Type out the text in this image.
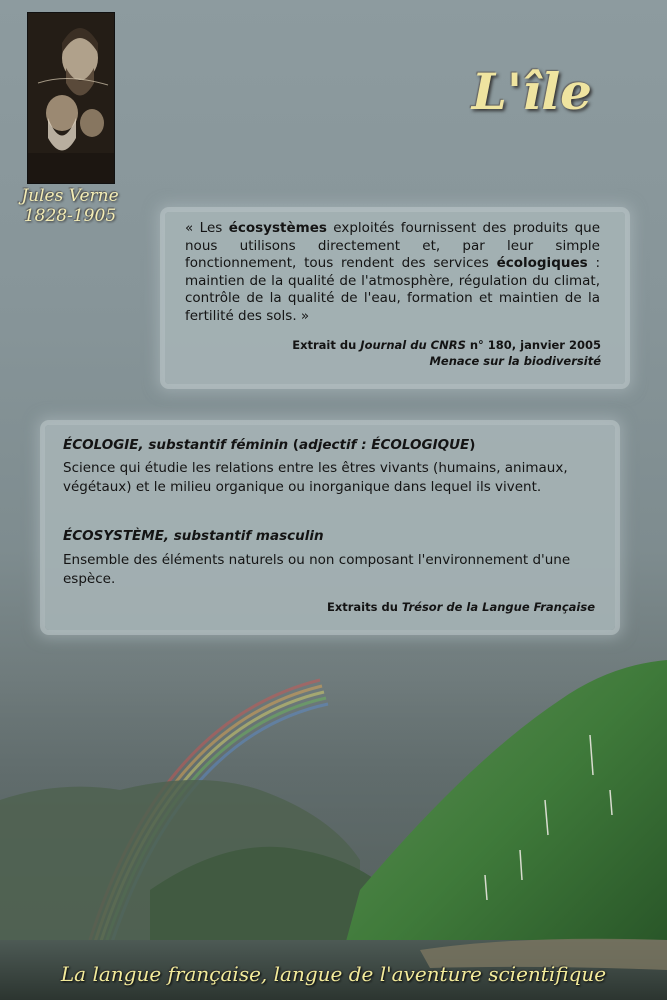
Jules Verne

1828-1905

L'île

« Les écosystèmes exploités fournissent des produits que nous utilisons directement et, par leur simple fonctionnement, tous rendent des services écologiques : maintien de la qualité de l'atmosphère, régulation du climat, contrôle de la qualité de l'eau, formation et maintien de la fertilité des sols. »

Extrait du Journal du CNRS n° 180, janvier 2005

Menace sur la biodiversité

ÉCOLOGIE, substantif féminin (adjectif : ÉCOLOGIQUE)

Science qui étudie les relations entre les êtres vivants (humains, animaux, végétaux) et le milieu organique ou inorganique dans lequel ils vivent.

ÉCOSYSTÈME, substantif masculin

Ensemble des éléments naturels ou non composant l'environnement d'une espèce.

Extraits du Trésor de la Langue Française

La langue française, langue de l'aventure scientifique
